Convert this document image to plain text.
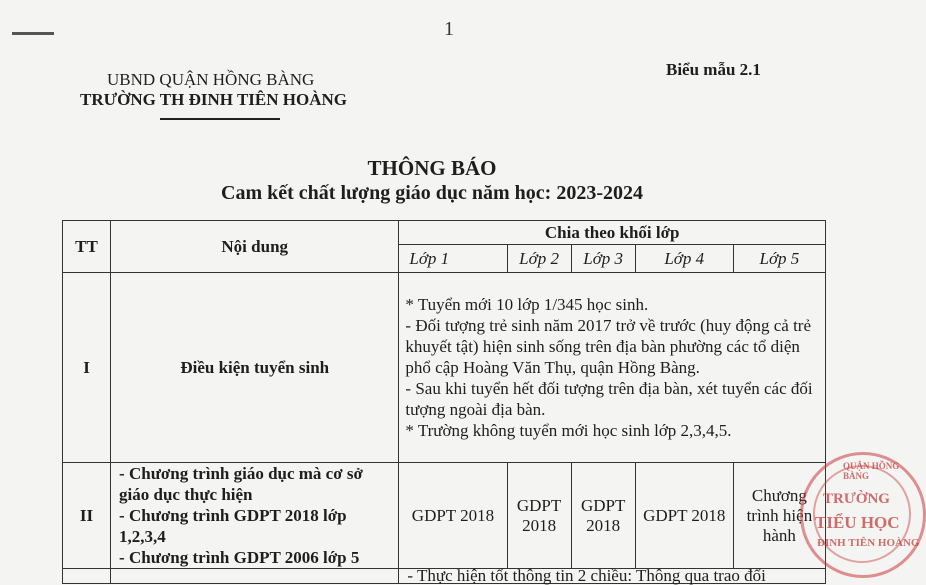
1
UBND QUẬN HỒNG BÀNG
TRƯỜNG TH ĐINH TIÊN HOÀNG
Biểu mẫu 2.1
THÔNG BÁO
Cam kết chất lượng giáo dục năm học: 2023-2024
TT	Nội dung	Chia theo khối lớp				
		Lớp 1	Lớp 2	Lớp 3	Lớp 4	Lớp 5
I	Điều kiện tuyển sinh	* Tuyển mới 10 lớp 1/345 học sinh.
- Đối tượng trẻ sinh năm 2017 trở về trước (huy động cả trẻ khuyết tật) hiện sinh sống trên địa bàn phường các tổ diện phổ cập Hoàng Văn Thụ, quận Hồng Bàng.
- Sau khi tuyển hết đối tượng trên địa bàn, xét tuyển các đối tượng ngoài địa bàn.
* Trường không tuyển mới học sinh lớp 2,3,4,5.				

II	- Chương trình giáo dục mà cơ sở giáo dục thực hiện
- Chương trình GDPT 2018 lớp 1,2,3,4
- Chương trình GDPT 2006 lớp 5	GDPT 2018	GDPT 2018	GDPT 2018	GDPT 2018	Chương trình hiện hành
		- Thực hiện tốt thông tin 2 chiều: Thông qua trao đổi				
QUẬN HỒNG BÀNG
TRƯỜNG
TIỂU HỌC
ĐINH TIÊN HOÀNG
